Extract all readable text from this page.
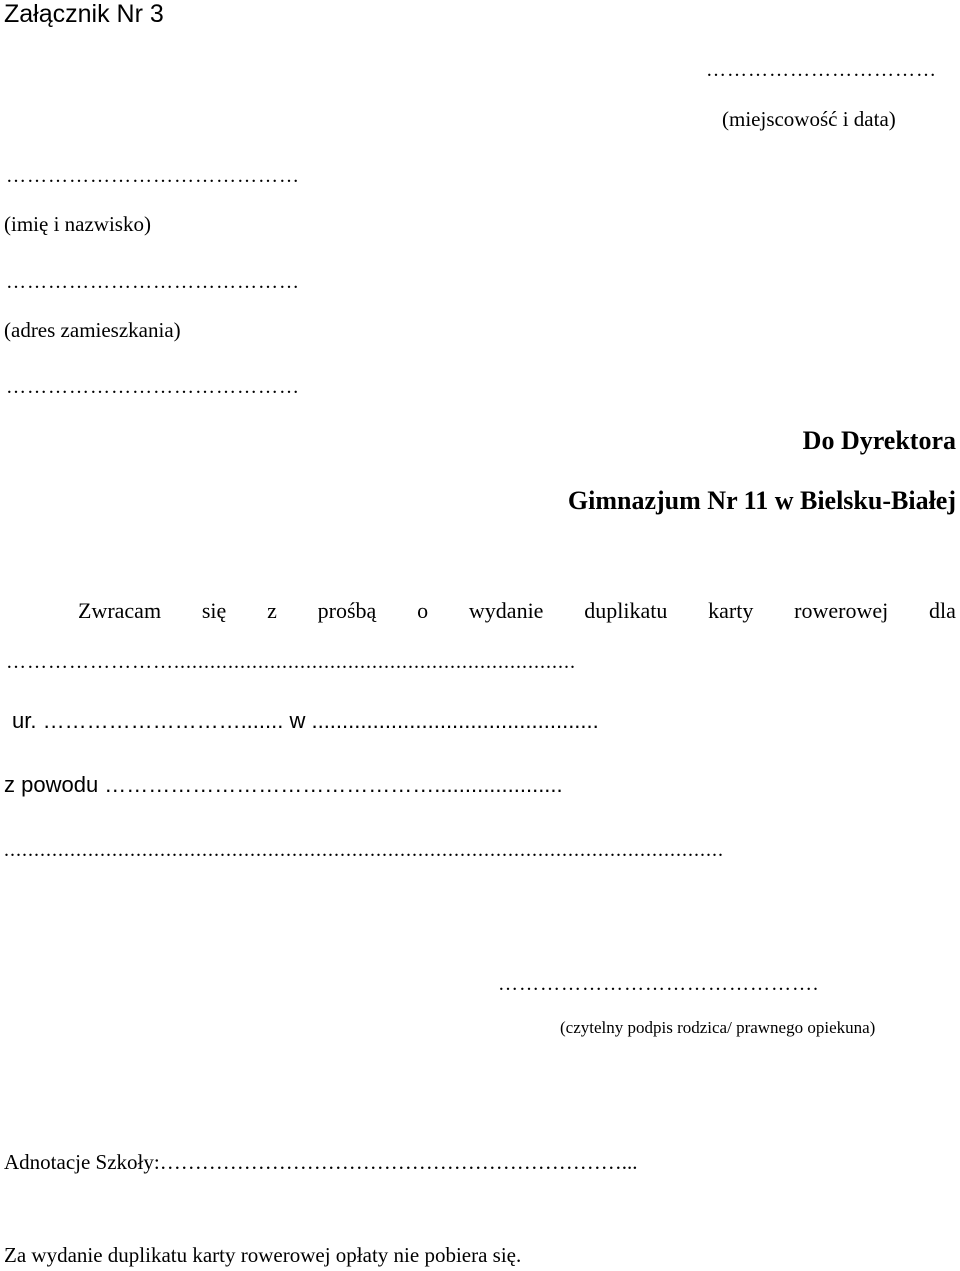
Załącznik Nr 3
……………………………
(miejscowość i data)
……………………………………
(imię i nazwisko)
……………………………………
(adres zamieszkania)
……………………………………
Do Dyrektora
Gimnazjum Nr 11 w Bielsku-Białej
Zwracam się z prośbą o wydanie duplikatu karty rowerowej dla
……………………...................................................................
ur. ………………………....... w ...............................................
z powodu ……………………………………….....................
........................................................................................................................
……………………………………….
(czytelny podpis rodzica/ prawnego opiekuna)
Adnotacje Szkoły:…………………………………………………………...
Za wydanie duplikatu karty rowerowej opłaty nie pobiera się.
